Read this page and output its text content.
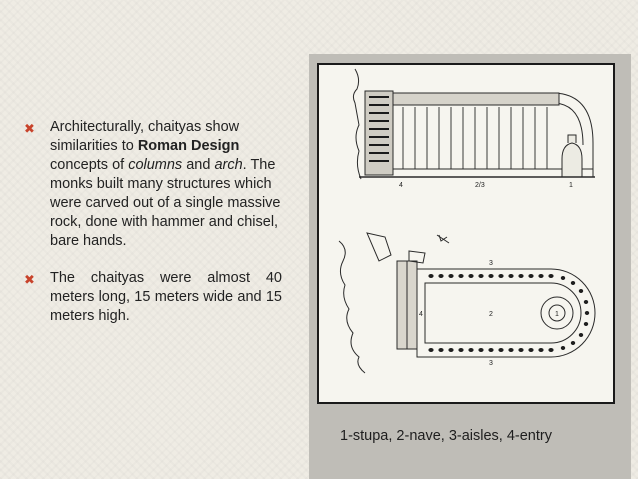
✖	Architecturally, chaityas show similarities to Roman Design concepts of columns and arch. The monks built many structures which were carved out of a single massive rock, done with hammer and chisel, bare hands.
✖	The chaityas were almost 40 meters long, 15 meters wide and 15 meters high.
4	2/3	1
3
2
3
4	1
1-stupa, 2-nave, 3-aisles, 4-entry
